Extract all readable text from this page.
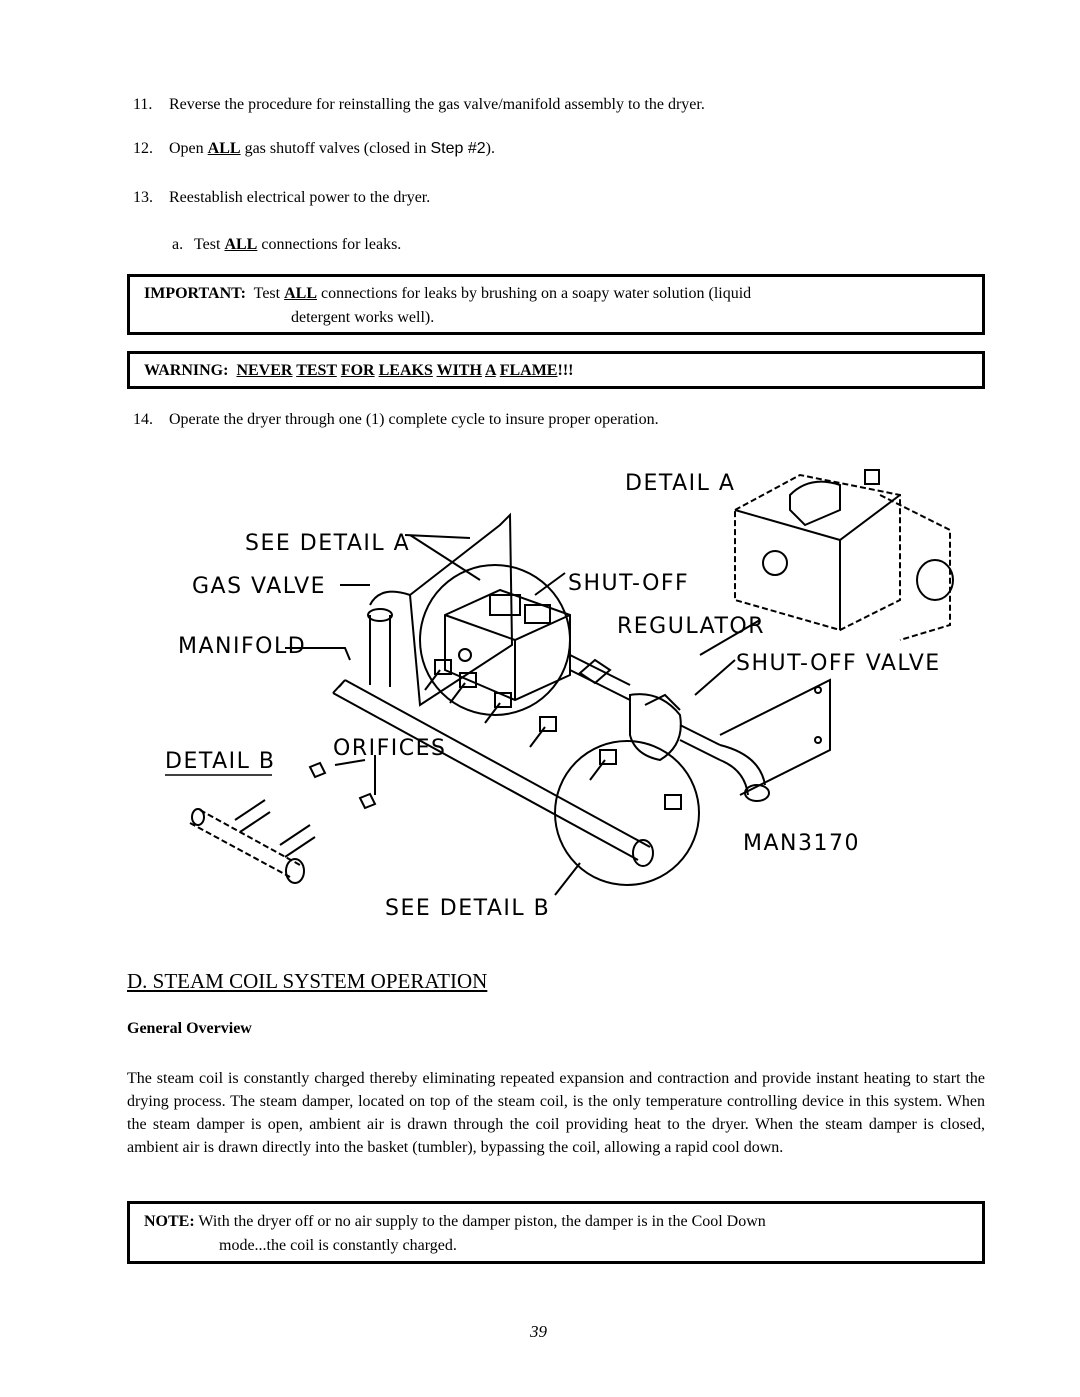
11. Reverse the procedure for reinstalling the gas valve/manifold assembly to the dryer.
12. Open ALL gas shutoff valves (closed in Step #2).
13. Reestablish electrical power to the dryer.
a. Test ALL connections for leaks.
IMPORTANT: Test ALL connections for leaks by brushing on a soapy water solution (liquid
detergent works well).
WARNING: NEVER TEST FOR LEAKS WITH A FLAME!!!
14. Operate the dryer through one (1) complete cycle to insure proper operation.
DETAIL A
SEE DETAIL A
GAS VALVE	SHUT-OFF
REGULATOR
MANIFOLD
SHUT-OFF VALVE
DETAIL B
ORIFICES
MAN3170
SEE DETAIL B
D. STEAM COIL SYSTEM OPERATION
General Overview
The steam coil is constantly charged thereby eliminating repeated expansion and contraction and provide instant heating to start the drying process. The steam damper, located on top of the steam coil, is the only temperature controlling device in this system. When the steam damper is open, ambient air is drawn through the coil providing heat to the dryer. When the steam damper is closed, ambient air is drawn directly into the basket (tumbler), bypassing the coil, allowing a rapid cool down.
NOTE: With the dryer off or no air supply to the damper piston, the damper is in the Cool Down
mode...the coil is constantly charged.
39
